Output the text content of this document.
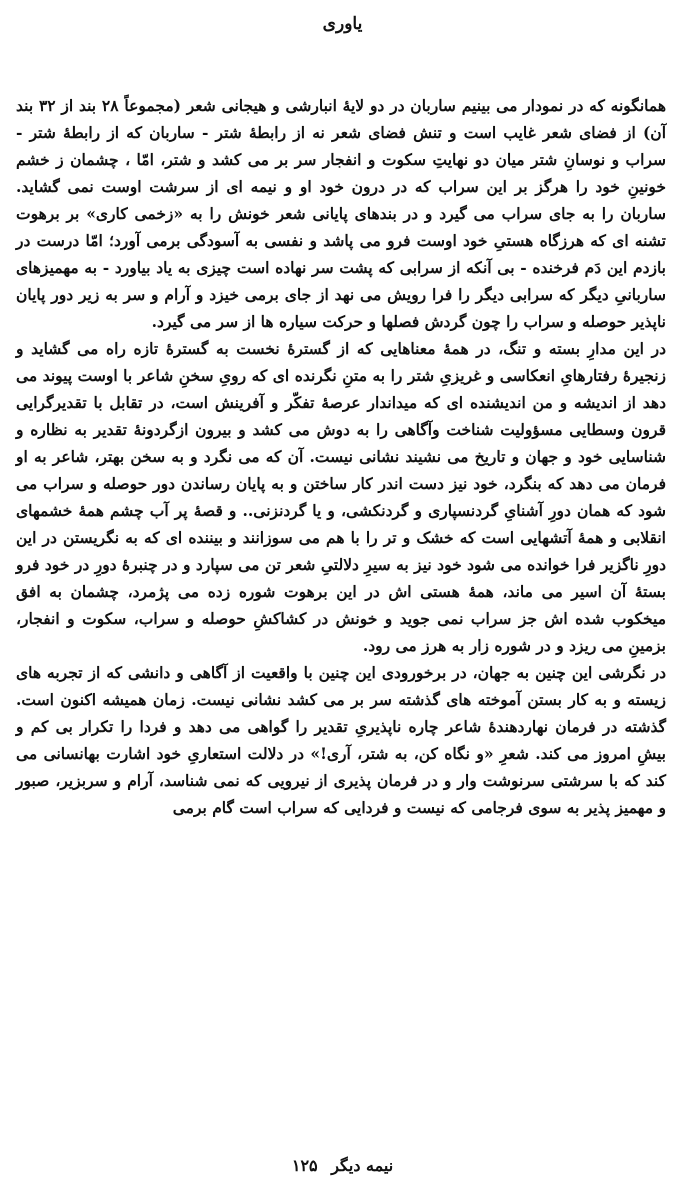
یاوری

همانگونه که در نمودار می بینیم ساربان در دو لایهٔ انبارشی و هیجانی شعر (مجموعاً ۲۸ بند از ۳۲ بند آن) از فضای شعر غایب است و تنش فضای شعر نه از رابطهٔ شتر - ساربان که از رابطهٔ شتر - سراب و نوسانِ شتر میان دو نهایتِ سکوت و انفجار سر بر می کشد و شتر، امّا ، چشمان ز خشم خونینِ خود را هرگز بر این سراب که در درون خود او و نیمه ای از سرشت اوست نمی گشاید. ساربان را به جای سراب می گیرد و در بندهای پایانی شعر خونش را به «زخمی کاری» بر برهوت تشنه ای که هرزگاه هستیِ خود اوست فرو می پاشد و نفسی به آسودگی برمی آورد؛ امّا درست در بازدم این دَم فرخنده - بی آنکه از سرابی که پشت سر نهاده است چیزی به یاد بیاورد - به مهمیزهای ساربانیِ دیگر که سرابی دیگر را فرا رویش می نهد از جای برمی خیزد و آرام و سر به زیر دور پایان ناپذیر حوصله و سراب را چون گردش فصلها و حرکت سیاره ها از سر می گیرد.

در این مدارِ بسته و تنگ، در همهٔ معناهایی که از گسترهٔ نخست به گسترهٔ تازه راه می گشاید و زنجیرهٔ رفتارهایِ انعکاسی و غریزیِ شتر را به متنِ نگرنده ای که رویِ سخنِ شاعر با اوست پیوند می دهد از اندیشه و من اندیشنده ای که میداندار عرصهٔ تفکّر و آفرینش است، در تقابل با تقدیرگرایی قرون وسطایی مسؤولیت شناخت وآگاهی را به دوش می کشد و بیرون ازگردونهٔ تقدیر به نظاره و شناسایی خود و جهان و تاریخ می نشیند نشانی نیست. آن که می نگرد و به سخن بهتر، شاعر به او فرمان می دهد که بنگرد، خود نیز دست اندر کار ساختن و به پایان رساندن دور حوصله و سراب می شود که همان دورِ آشنایِ گردنسپاری و گردنکشی، و یا گردنزنی.. و قصهٔ پر آب چشم همهٔ خشمهای انقلابی و همهٔ آتشهایی است که خشک و تر را با هم می سوزانند و بیننده ای که به نگریستن در این دورِ ناگزیر فرا خوانده می شود خود نیز به سیرِ دلالتیِ شعر تن می سپارد و در چنبرهٔ دورِ در خود فرو بستهٔ آن اسیر می ماند، همهٔ هستی اش در این برهوت شوره زده می پژمرد، چشمان به افق میخکوب شده اش جز سراب نمی جوید و خونش در کشاکشِ حوصله و سراب، سکوت و انفجار، بزمینِ می ریزد و در شوره زار به هرز می رود.

در نگرشی این چنین به جهان، در برخورودی این چنین با واقعیت از آگاهی و دانشی که از تجربه های زیسته و به کار بستن آموخته های گذشته سر بر می کشد نشانی نیست. زمان همیشه اکنون است. گذشته در فرمان نهاردهندهٔ شاعر چاره ناپذیریِ تقدیر را گواهی می دهد و فردا را تکرار بی کم و بیشِ امروز می کند. شعرِ «و نگاه کن، به شتر، آری!» در دلالت استعاریِ خود اشارت بهانسانی می کند که با سرشتی سرنوشت وار و در فرمان پذیری از نیرویی که نمی شناسد، آرام و سربزیر، صبور و مهمیز پذیر به سوی فرجامی که نیست و فردایی که سراب است گام برمی

نیمه دیگر ۱۲۵
